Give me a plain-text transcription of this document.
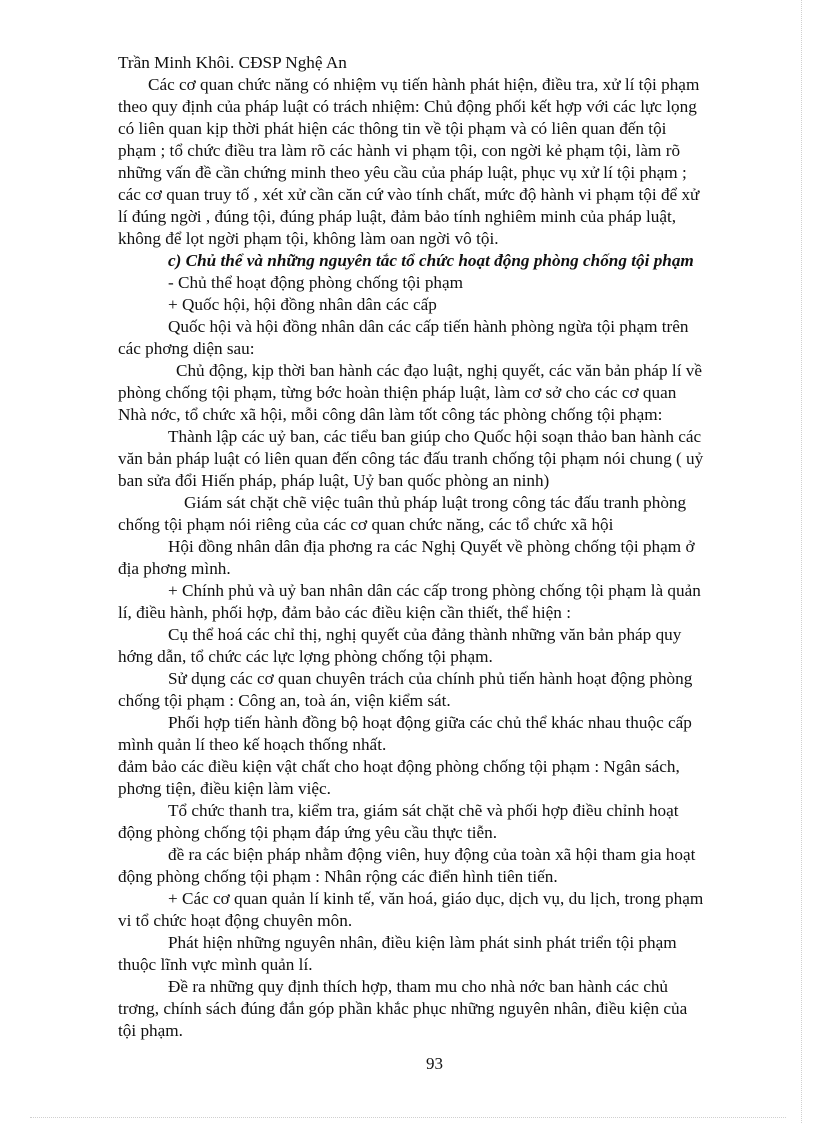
Trần Minh Khôi. CĐSP Nghệ An
Các cơ quan chức năng có nhiệm vụ tiến hành phát hiện, điều tra, xử lí tội phạm
theo quy định của pháp luật có trách nhiệm: Chủ động phối kết hợp với các lực lọng
có liên quan kịp thời phát hiện các thông tin về tội phạm và có liên quan đến tội
phạm ; tổ chức điều tra làm rõ các hành vi phạm tội, con ngời kẻ phạm tội, làm rõ
những vấn đề cần chứng minh theo yêu cầu của pháp luật, phục vụ xử lí tội phạm ;
các cơ quan truy tố , xét xử cần căn cứ vào tính chất, mức độ hành vi phạm tội để xử
lí đúng ngời , đúng tội, đúng pháp luật, đảm bảo tính nghiêm minh của pháp luật,
không để lọt ngời phạm tội, không làm oan ngời vô tội.
c) Chủ thể và những nguyên tắc tổ chức hoạt động phòng chống tội phạm
- Chủ thể hoạt động phòng chống tội phạm
+ Quốc hội, hội đồng nhân dân các cấp
Quốc hội và hội đồng nhân dân các cấp tiến hành phòng ngừa tội phạm trên
các phơng diện sau:
Chủ động, kịp thời ban hành các đạo luật, nghị quyết, các văn bản pháp lí về
phòng chống tội phạm, từng bớc hoàn thiện pháp luật, làm cơ sở cho các cơ quan
Nhà nớc, tổ chức xã hội, mỗi công dân làm tốt công tác phòng chống tội phạm:
Thành lập các uỷ ban, các tiểu ban giúp cho Quốc hội soạn thảo ban hành các
văn bản pháp luật có liên quan đến công tác đấu tranh chống tội phạm nói chung ( uỷ
ban sửa đổi Hiến pháp, pháp luật, Uỷ ban quốc phòng an ninh)
Giám sát chặt chẽ việc tuân thủ pháp luật trong công tác đấu tranh phòng
chống tội phạm nói riêng của các cơ quan chức năng, các tổ chức xã hội
Hội đồng nhân dân địa phơng ra các Nghị Quyết về phòng chống tội phạm ở
địa phơng mình.
+ Chính phủ và uỷ ban nhân dân các cấp trong phòng chống tội phạm là quản
lí, điều hành, phối hợp, đảm bảo các điều kiện cần thiết, thể hiện :
Cụ thể hoá các chỉ thị, nghị quyết của đảng thành những văn bản pháp quy
hớng dẫn, tổ chức các lực lợng phòng chống tội phạm.
Sử dụng các cơ quan chuyên trách của chính phủ tiến hành hoạt động phòng
chống tội phạm : Công an, toà án, viện kiểm sát.
Phối hợp tiến hành đồng bộ hoạt động giữa các chủ thể khác nhau thuộc cấp
mình quản lí theo kế hoạch thống nhất.
đảm bảo các điều kiện vật chất cho hoạt động phòng chống tội phạm : Ngân sách,
phơng tiện, điều kiện làm việc.
Tổ chức thanh tra, kiểm tra, giám sát chặt chẽ và phối hợp điều chỉnh hoạt
động phòng chống tội phạm đáp ứng yêu cầu thực tiễn.
đề ra các biện pháp nhằm động viên, huy động của toàn xã hội tham gia hoạt
động phòng chống tội phạm : Nhân rộng các điển hình tiên tiến.
+ Các cơ quan quản lí kinh tế, văn hoá, giáo dục, dịch vụ, du lịch, trong phạm
vi tổ chức hoạt động chuyên môn.
Phát hiện những nguyên nhân, điều kiện làm phát sinh phát triển tội phạm
thuộc lĩnh vực mình quản lí.
Đề ra những quy định thích hợp, tham mu cho nhà nớc ban hành các chủ
trơng, chính sách đúng đắn góp phần khắc phục những nguyên nhân, điều kiện của
tội phạm.
93
